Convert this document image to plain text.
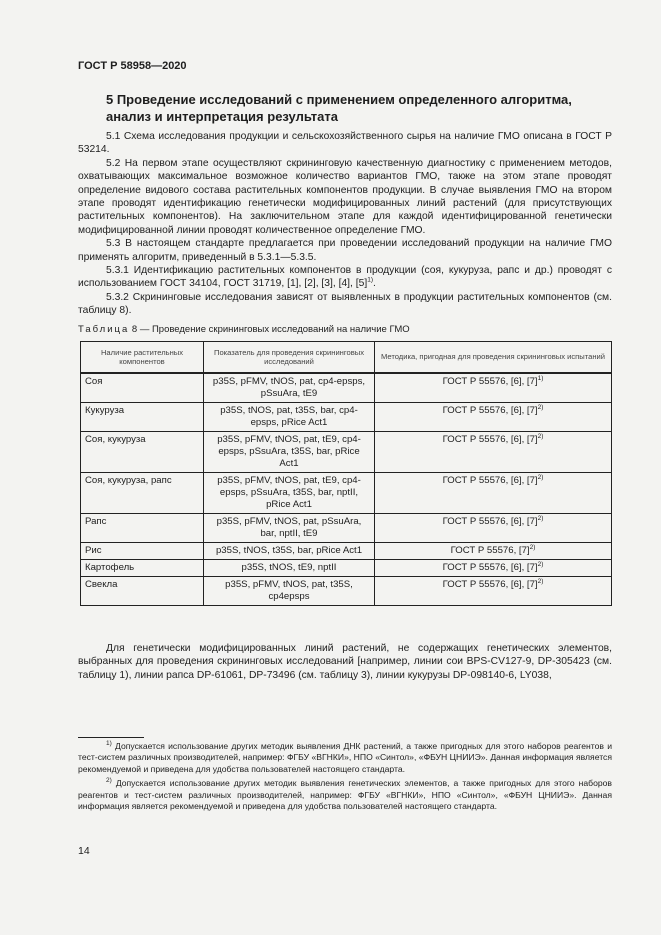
ГОСТ Р 58958—2020
5 Проведение исследований с применением определенного алгоритма, анализ и интерпретация результата

5.1 Схема исследования продукции и сельскохозяйственного сырья на наличие ГМО описана в ГОСТ Р 53214.

5.2 На первом этапе осуществляют скрининговую качественную диагностику с применением методов, охватывающих максимальное возможное количество вариантов ГМО, также на этом этапе проводят определение видового состава растительных компонентов продукции. В случае выявления ГМО на втором этапе проводят идентификацию генетически модифицированных линий растений (для присутствующих растительных компонентов). На заключительном этапе для каждой идентифицированной генетически модифицированной линии проводят количественное определение ГМО.

5.3 В настоящем стандарте предлагается при проведении исследований продукции на наличие ГМО применять алгоритм, приведенный в 5.3.1—5.3.5.

5.3.1 Идентификацию растительных компонентов в продукции (соя, кукуруза, рапс и др.) проводят с использованием ГОСТ 34104, ГОСТ 31719, [1], [2], [3], [4], $[5]^{1)}$.

5.3.2 Скрининговые исследования зависят от выявленных в продукции растительных компонентов (см. таблицу 8).

Таблица 8 — Проведение скрининговых исследований на наличие ГМО
Наличие растительных компонентов	Показатель для проведения скрининговых исследований	Методика, пригодная для проведения скрининговых испытаний
Соя	p35S, pFMV, tNOS, pat, cp4-epsps, pSsuAra, tE9	ГОСТ Р 55576, [6], $[7]^{1)}$
Кукуруза	p35S, tNOS, pat, t35S, bar, cp4-epsps, pRice Act1	ГОСТ Р 55576, [6], $[7]^{2)}$
Соя, кукуруза	p35S, pFMV, tNOS, pat, tE9, cp4-epsps, pSsuAra, t35S, bar, pRice Act1	ГОСТ Р 55576, [6], $[7]^{2)}$
Соя, кукуруза, рапс	p35S, pFMV, tNOS, pat, tE9, cp4-epsps, pSsuAra, t35S, bar, nptII, pRice Act1	ГОСТ Р 55576, [6], $[7]^{2)}$
Рапс	p35S, pFMV, tNOS, pat, pSsuAra, bar, nptII, tE9	ГОСТ Р 55576, [6], $[7]^{2)}$
Рис	p35S, tNOS, t35S, bar, pRice Act1	ГОСТ Р 55576, $[7]^{2)}$
Картофель	p35S, tNOS, tE9, nptII	ГОСТ Р 55576, [6], $[7]^{2)}$
Свекла	p35S, pFMV, tNOS, pat, t35S, cp4epsps	ГОСТ Р 55576, [6], $[7]^{2)}$

Для генетически модифицированных линий растений, не содержащих генетических элементов, выбранных для проведения скрининговых исследований [например, линии сои BPS-CV127-9, DP-305423 (см. таблицу 1), линии рапса DP-61061, DP-73496 (см. таблицу 3), линии кукурузы DP-098140-6, LY038,

$^{1)}$ Допускается использование других методик выявления ДНК растений, а также пригодных для этого наборов реагентов и тест-систем различных производителей, например: ФГБУ «ВГНКИ», НПО «Синтол», «ФБУН ЦНИИЭ». Данная информация является рекомендуемой и приведена для удобства пользователей настоящего стандарта.

$^{2)}$ Допускается использование других методик выявления генетических элементов, а также пригодных для этого наборов реагентов и тест-систем различных производителей, например: ФГБУ «ВГНКИ», НПО «Синтол», «ФБУН ЦНИИЭ». Данная информация является рекомендуемой и приведена для удобства пользователей настоящего стандарта.

14
